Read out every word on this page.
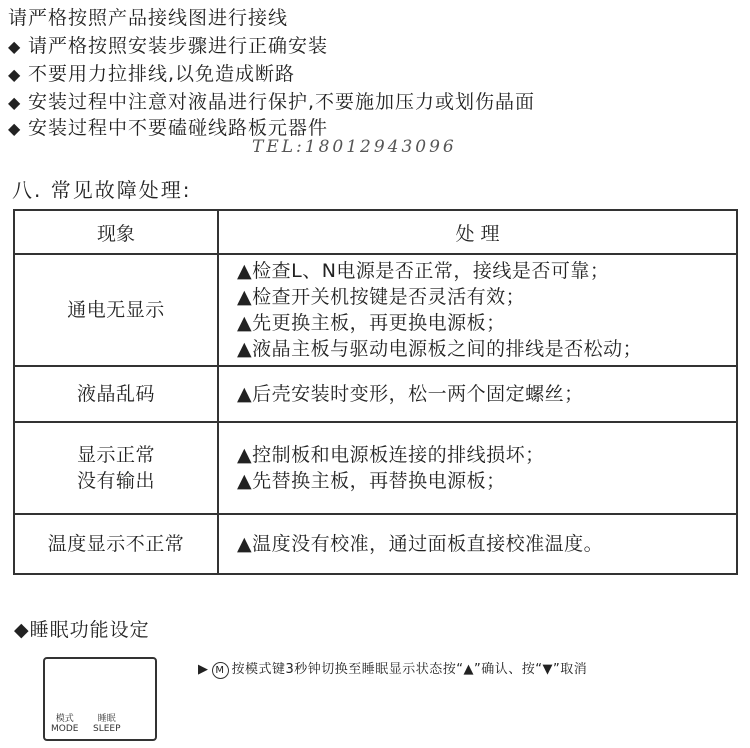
请严格按照产品接线图进行接线
◆ 请严格按照安装步骤进行正确安装
◆ 不要用力拉排线,以免造成断路
◆ 安装过程中注意对液晶进行保护,不要施加压力或划伤晶面
◆ 安装过程中不要磕碰线路板元器件
TEL:18012943096
八. 常见故障处理:
现象	处 理

通电无显示	▲检查L、N电源是否正常，接线是否可靠；
▲检查开关机按键是否灵活有效；
▲先更换主板，再更换电源板；
▲液晶主板与驱动电源板之间的排线是否松动；

液晶乱码	▲后壳安装时变形，松一两个固定螺丝；

显示正常
没有输出	▲控制板和电源板连接的排线损坏；
▲先替换主板，再替换电源板；

温度显示不正常	▲温度没有校准，通过面板直接校准温度。
◆睡眠功能设定
模式
MODE
睡眠
SLEEP
▶ M 按模式键3秒钟切换至睡眠显示状态按“▲”确认、按“▼”取消
